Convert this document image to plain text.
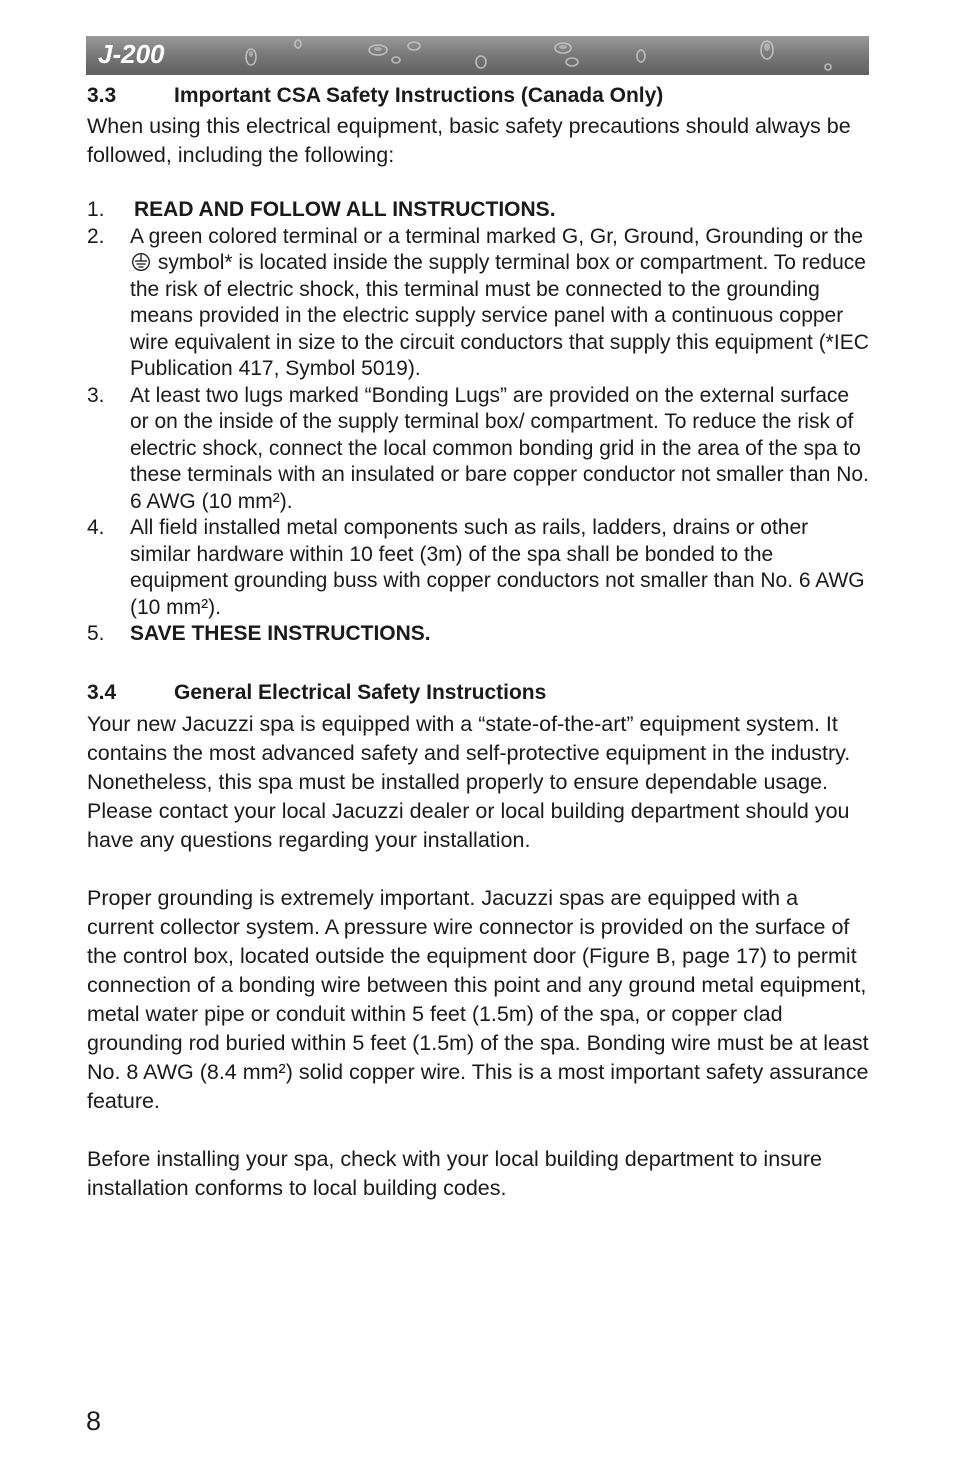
J-200
3.3	Important CSA Safety Instructions (Canada Only)

When using this electrical equipment, basic safety precautions should always be followed, including the following:

1. READ AND FOLLOW ALL INSTRUCTIONS.
2. A green colored terminal or a terminal marked G, Gr, Ground, Grounding or the  symbol* is located inside the supply terminal box or compartment. To reduce the risk of electric shock, this terminal must be connected to the grounding means provided in the electric supply service panel with a continuous copper wire equivalent in size to the circuit conductors that supply this equipment (*IEC Publication 417, Symbol 5019).
3. At least two lugs marked “Bonding Lugs” are provided on the external surface or on the inside of the supply terminal box/ compartment. To reduce the risk of electric shock, connect the local common bonding grid in the area of the spa to these terminals with an insulated or bare copper conductor not smaller than No. 6 AWG (10 mm²).
4. All field installed metal components such as rails, ladders, drains or other similar hardware within 10 feet (3m) of the spa shall be bonded to the equipment grounding buss with copper conductors not smaller than No. 6 AWG (10 mm²).
5. SAVE THESE INSTRUCTIONS.
3.4	General Electrical Safety Instructions

Your new Jacuzzi spa is equipped with a “state-of-the-art” equipment system. It contains the most advanced safety and self-protective equipment in the industry. Nonetheless, this spa must be installed properly to ensure dependable usage. Please contact your local Jacuzzi dealer or local building department should you have any questions regarding your installation.

Proper grounding is extremely important. Jacuzzi spas are equipped with a current collector system. A pressure wire connector is provided on the surface of the control box, located outside the equipment door (Figure B, page 17) to permit connection of a bonding wire between this point and any ground metal equipment, metal water pipe or conduit within 5 feet (1.5m) of the spa, or copper clad grounding rod buried within 5 feet (1.5m) of the spa. Bonding wire must be at least No. 8 AWG (8.4 mm²) solid copper wire. This is a most important safety assurance feature.

Before installing your spa, check with your local building department to insure installation conforms to local building codes.

8
